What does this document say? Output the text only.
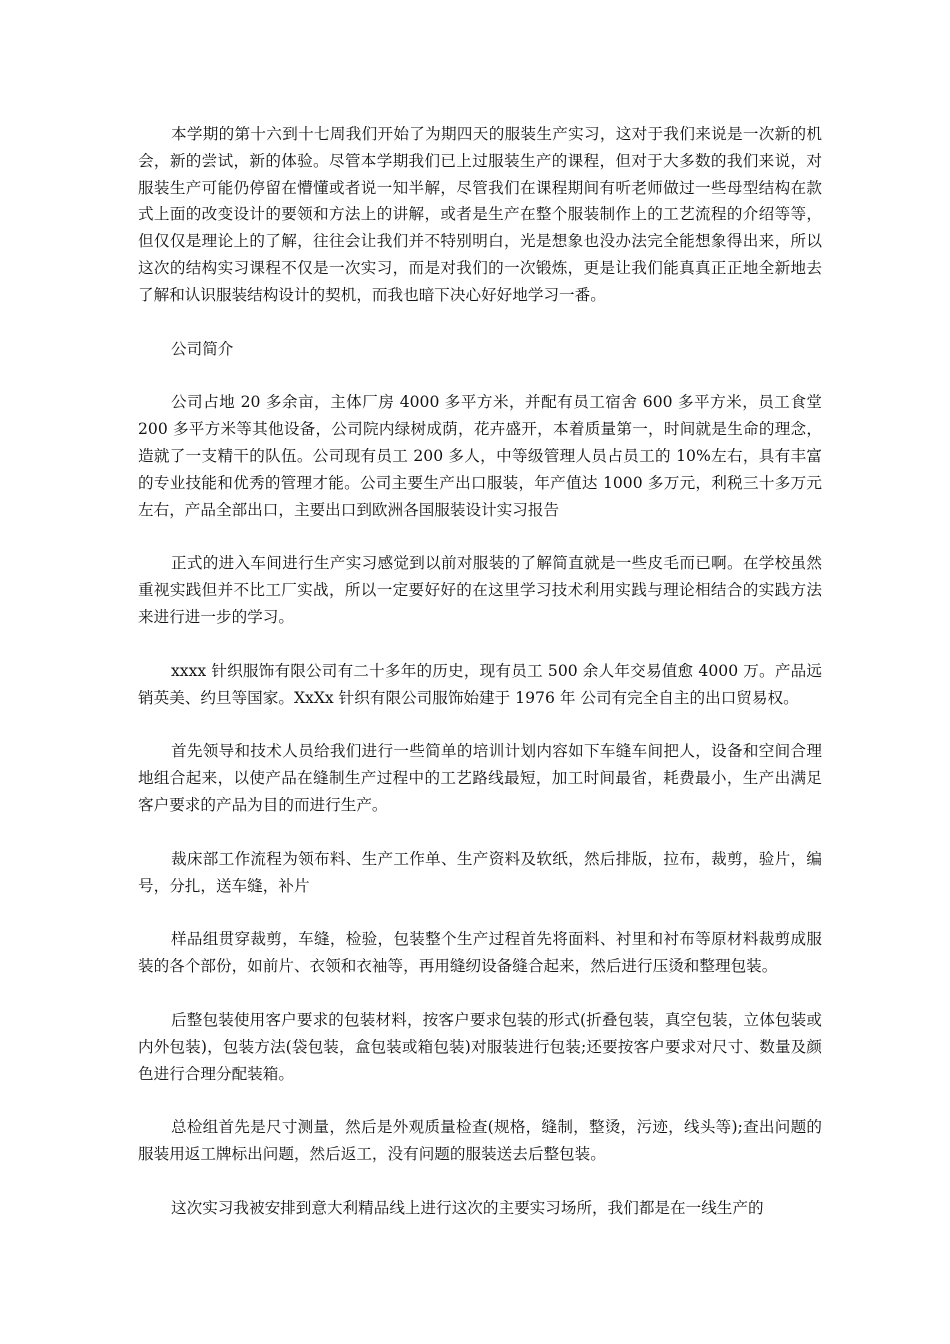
本学期的第十六到十七周我们开始了为期四天的服装生产实习，这对于我们来说是一次新的机会，新的尝试，新的体验。尽管本学期我们已上过服装生产的课程，但对于大多数的我们来说，对服装生产可能仍停留在懵懂或者说一知半解，尽管我们在课程期间有听老师做过一些母型结构在款式上面的改变设计的要领和方法上的讲解，或者是生产在整个服装制作上的工艺流程的介绍等等，但仅仅是理论上的了解，往往会让我们并不特别明白，光是想象也没办法完全能想象得出来，所以这次的结构实习课程不仅是一次实习，而是对我们的一次锻炼，更是让我们能真真正正地全新地去了解和认识服装结构设计的契机，而我也暗下决心好好地学习一番。

公司简介

公司占地 20 多余亩，主体厂房 4000 多平方米，并配有员工宿舍 600 多平方米，员工食堂 200 多平方米等其他设备，公司院内绿树成荫，花卉盛开，本着质量第一，时间就是生命的理念，造就了一支精干的队伍。公司现有员工 200 多人，中等级管理人员占员工的 10%左右，具有丰富的专业技能和优秀的管理才能。公司主要生产出口服装，年产值达 1000 多万元，利税三十多万元左右，产品全部出口，主要出口到欧洲各国服装设计实习报告

正式的进入车间进行生产实习感觉到以前对服装的了解简直就是一些皮毛而已啊。在学校虽然重视实践但并不比工厂实战，所以一定要好好的在这里学习技术利用实践与理论相结合的实践方法来进行进一步的学习。

xxxx 针织服饰有限公司有二十多年的历史，现有员工 500 余人年交易值愈 4000 万。产品远销英美、约旦等国家。XxXx 针织有限公司服饰始建于 1976 年 公司有完全自主的出口贸易权。

首先领导和技术人员给我们进行一些简单的培训计划内容如下车缝车间把人，设备和空间合理地组合起来，以使产品在缝制生产过程中的工艺路线最短，加工时间最省，耗费最小，生产出满足客户要求的产品为目的而进行生产。

裁床部工作流程为领布料、生产工作单、生产资料及软纸，然后排版，拉布，裁剪，验片，编号，分扎，送车缝，补片

样品组贯穿裁剪，车缝，检验，包装整个生产过程首先将面料、衬里和衬布等原材料裁剪成服装的各个部份，如前片、衣领和衣袖等，再用缝纫设备缝合起来，然后进行压烫和整理包装。

后整包装使用客户要求的包装材料，按客户要求包装的形式(折叠包装，真空包装，立体包装或内外包装)，包装方法(袋包装，盒包装或箱包装)对服装进行包装;还要按客户要求对尺寸、数量及颜色进行合理分配装箱。

总检组首先是尺寸测量，然后是外观质量检查(规格，缝制，整烫，污迹，线头等);查出问题的服装用返工牌标出问题，然后返工，没有问题的服装送去后整包装。

这次实习我被安排到意大利精品线上进行这次的主要实习场所，我们都是在一线生产的
